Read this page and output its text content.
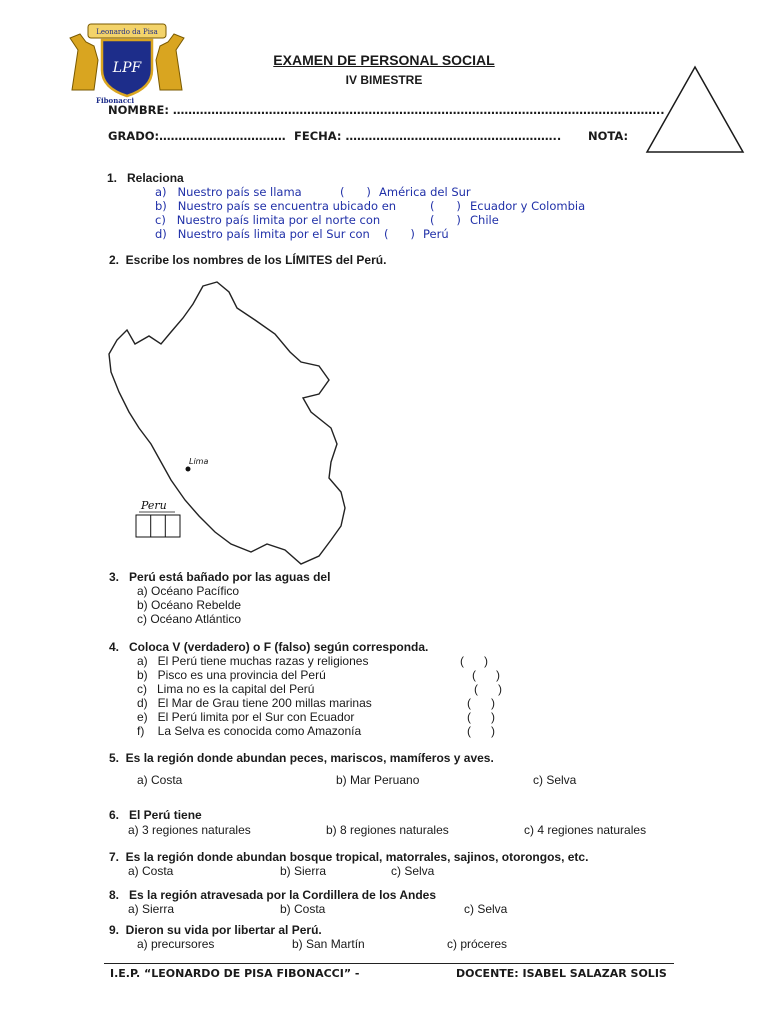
LPF
Leonardo da Pisa
Fibonacci
EXAMEN DE PERSONAL SOCIAL
IV BIMESTRE
NOMBRE: ………………………………………………………………………………………………………………..
GRADO:…………………………… FECHA: ……………………………………………….. NOTA:
1.   Relaciona
a)   Nuestro país se llama	(      ) América del Sur
b)   Nuestro país se encuentra ubicado en	(      ) Ecuador y Colombia
c)   Nuestro país limita por el norte con	(      ) Chile
d)   Nuestro país limita por el Sur con (      ) Perú
2.  Escribe los nombres de los LÍMITES del Perú.
Lima
Peru
3.   Perú está bañado por las aguas del
a) Océano Pacífico
b) Océano Rebelde
c) Océano Atlántico
4.   Coloca V (verdadero) o F (falso) según corresponda.
a)   El Perú tiene muchas razas y religiones	(      )
b)   Pisco es una provincia del Perú	(      )
c)   Lima no es la capital del Perú	(      )
d)   El Mar de Grau tiene 200 millas marinas	(      )
e)   El Perú limita por el Sur con Ecuador	(      )
f)    La Selva es conocida como Amazonía	(      )
5.  Es la región donde abundan peces, mariscos, mamíferos y aves.
a) Costa	b) Mar Peruano	c) Selva
6.   El Perú tiene
a) 3 regiones naturales	b) 8 regiones naturales	c) 4 regiones naturales
7.  Es la región donde abundan bosque tropical, matorrales, sajinos, otorongos, etc.
a) Costa	b) Sierra	c) Selva
8.   Es la región atravesada por la Cordillera de los Andes
a) Sierra	b) Costa	c) Selva
9.  Dieron su vida por libertar al Perú.
a) precursores	b) San Martín	c) próceres
I.E.P. “LEONARDO DE PISA FIBONACCI” -	DOCENTE: ISABEL SALAZAR SOLIS
